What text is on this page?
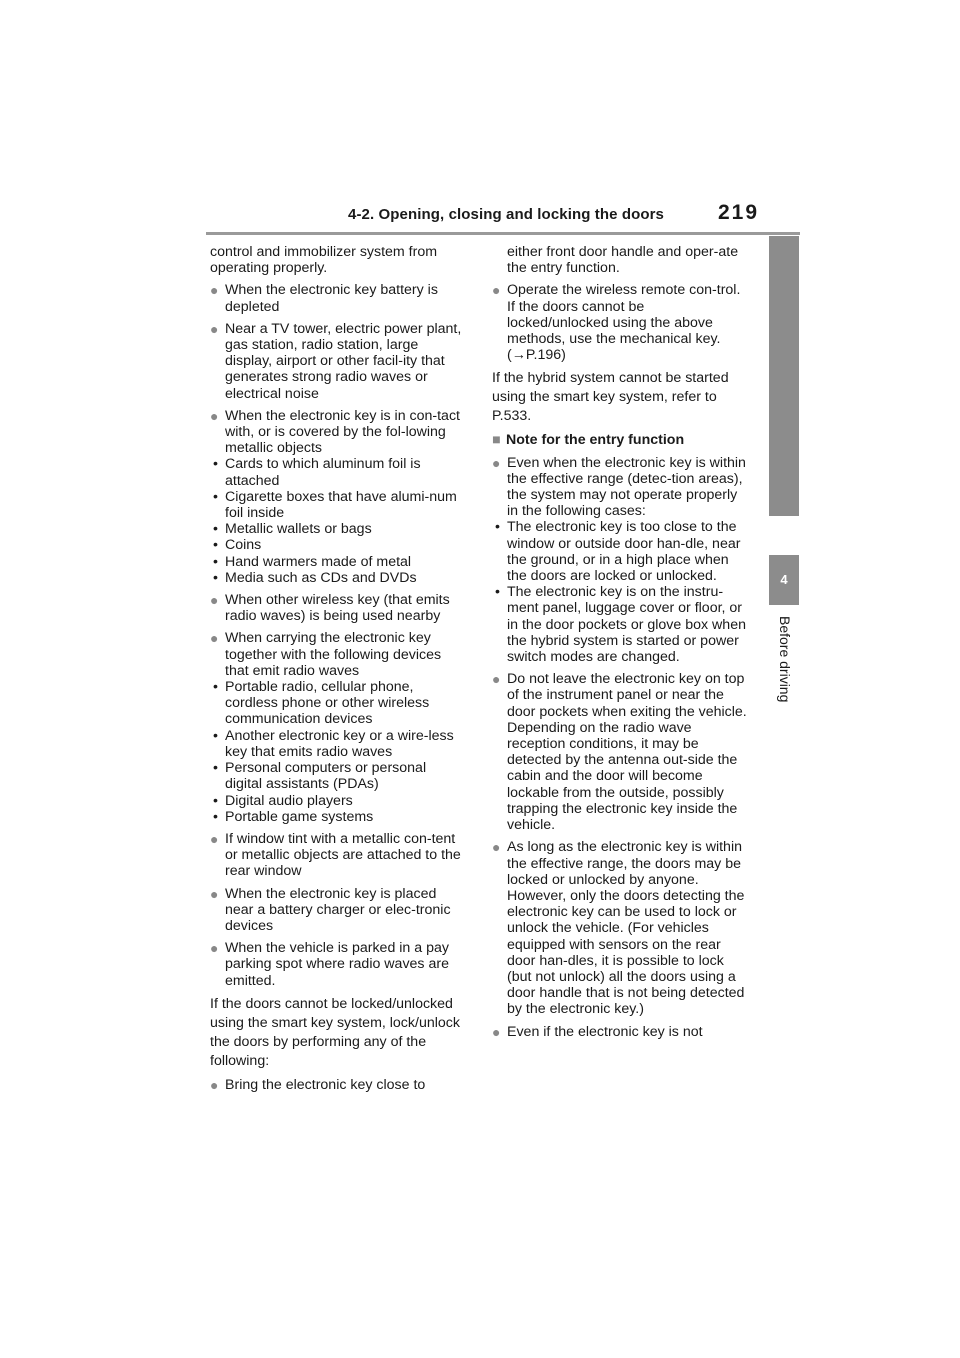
4-2. Opening, closing and locking the doors	219
4
Before driving

control and immobilizer system from operating properly.

● When the electronic key battery is depleted
● Near a TV tower, electric power plant, gas station, radio station, large display, airport or other facil-ity that generates strong radio waves or electrical noise
● When the electronic key is in con-tact with, or is covered by the fol-lowing metallic objects
• Cards to which aluminum foil is attached
• Cigarette boxes that have alumi-num foil inside
• Metallic wallets or bags
• Coins
• Hand warmers made of metal
• Media such as CDs and DVDs
● When other wireless key (that emits radio waves) is being used nearby
● When carrying the electronic key together with the following devices that emit radio waves
• Portable radio, cellular phone, cordless phone or other wireless communication devices
• Another electronic key or a wire-less key that emits radio waves
• Personal computers or personal digital assistants (PDAs)
• Digital audio players
• Portable game systems
● If window tint with a metallic con-tent or metallic objects are attached to the rear window
● When the electronic key is placed near a battery charger or elec-tronic devices
● When the vehicle is parked in a pay parking spot where radio waves are emitted.

If the doors cannot be locked/unlocked using the smart key system, lock/unlock the doors by performing any of the following:

● Bring the electronic key close to

either front door handle and oper-ate the entry function.

● Operate the wireless remote con-trol. If the doors cannot be locked/unlocked using the above methods, use the mechanical key.
(→P.196)

If the hybrid system cannot be started using the smart key system, refer to P.533.

■ Note for the entry function
● Even when the electronic key is within the effective range (detec-tion areas), the system may not operate properly in the following cases:
• The electronic key is too close to the window or outside door han-dle, near the ground, or in a high place when the doors are locked or unlocked.
• The electronic key is on the instru-ment panel, luggage cover or floor, or in the door pockets or glove box when the hybrid system is started or power switch modes are changed.
● Do not leave the electronic key on top of the instrument panel or near the door pockets when exiting the vehicle. Depending on the radio wave reception conditions, it may be detected by the antenna out-side the cabin and the door will become lockable from the outside, possibly trapping the electronic key inside the vehicle.
● As long as the electronic key is within the effective range, the doors may be locked or unlocked by anyone. However, only the doors detecting the electronic key can be used to lock or unlock the vehicle. (For vehicles equipped with sensors on the rear door han-dles, it is possible to lock (but not unlock) all the doors using a door handle that is not being detected by the electronic key.)
● Even if the electronic key is not
